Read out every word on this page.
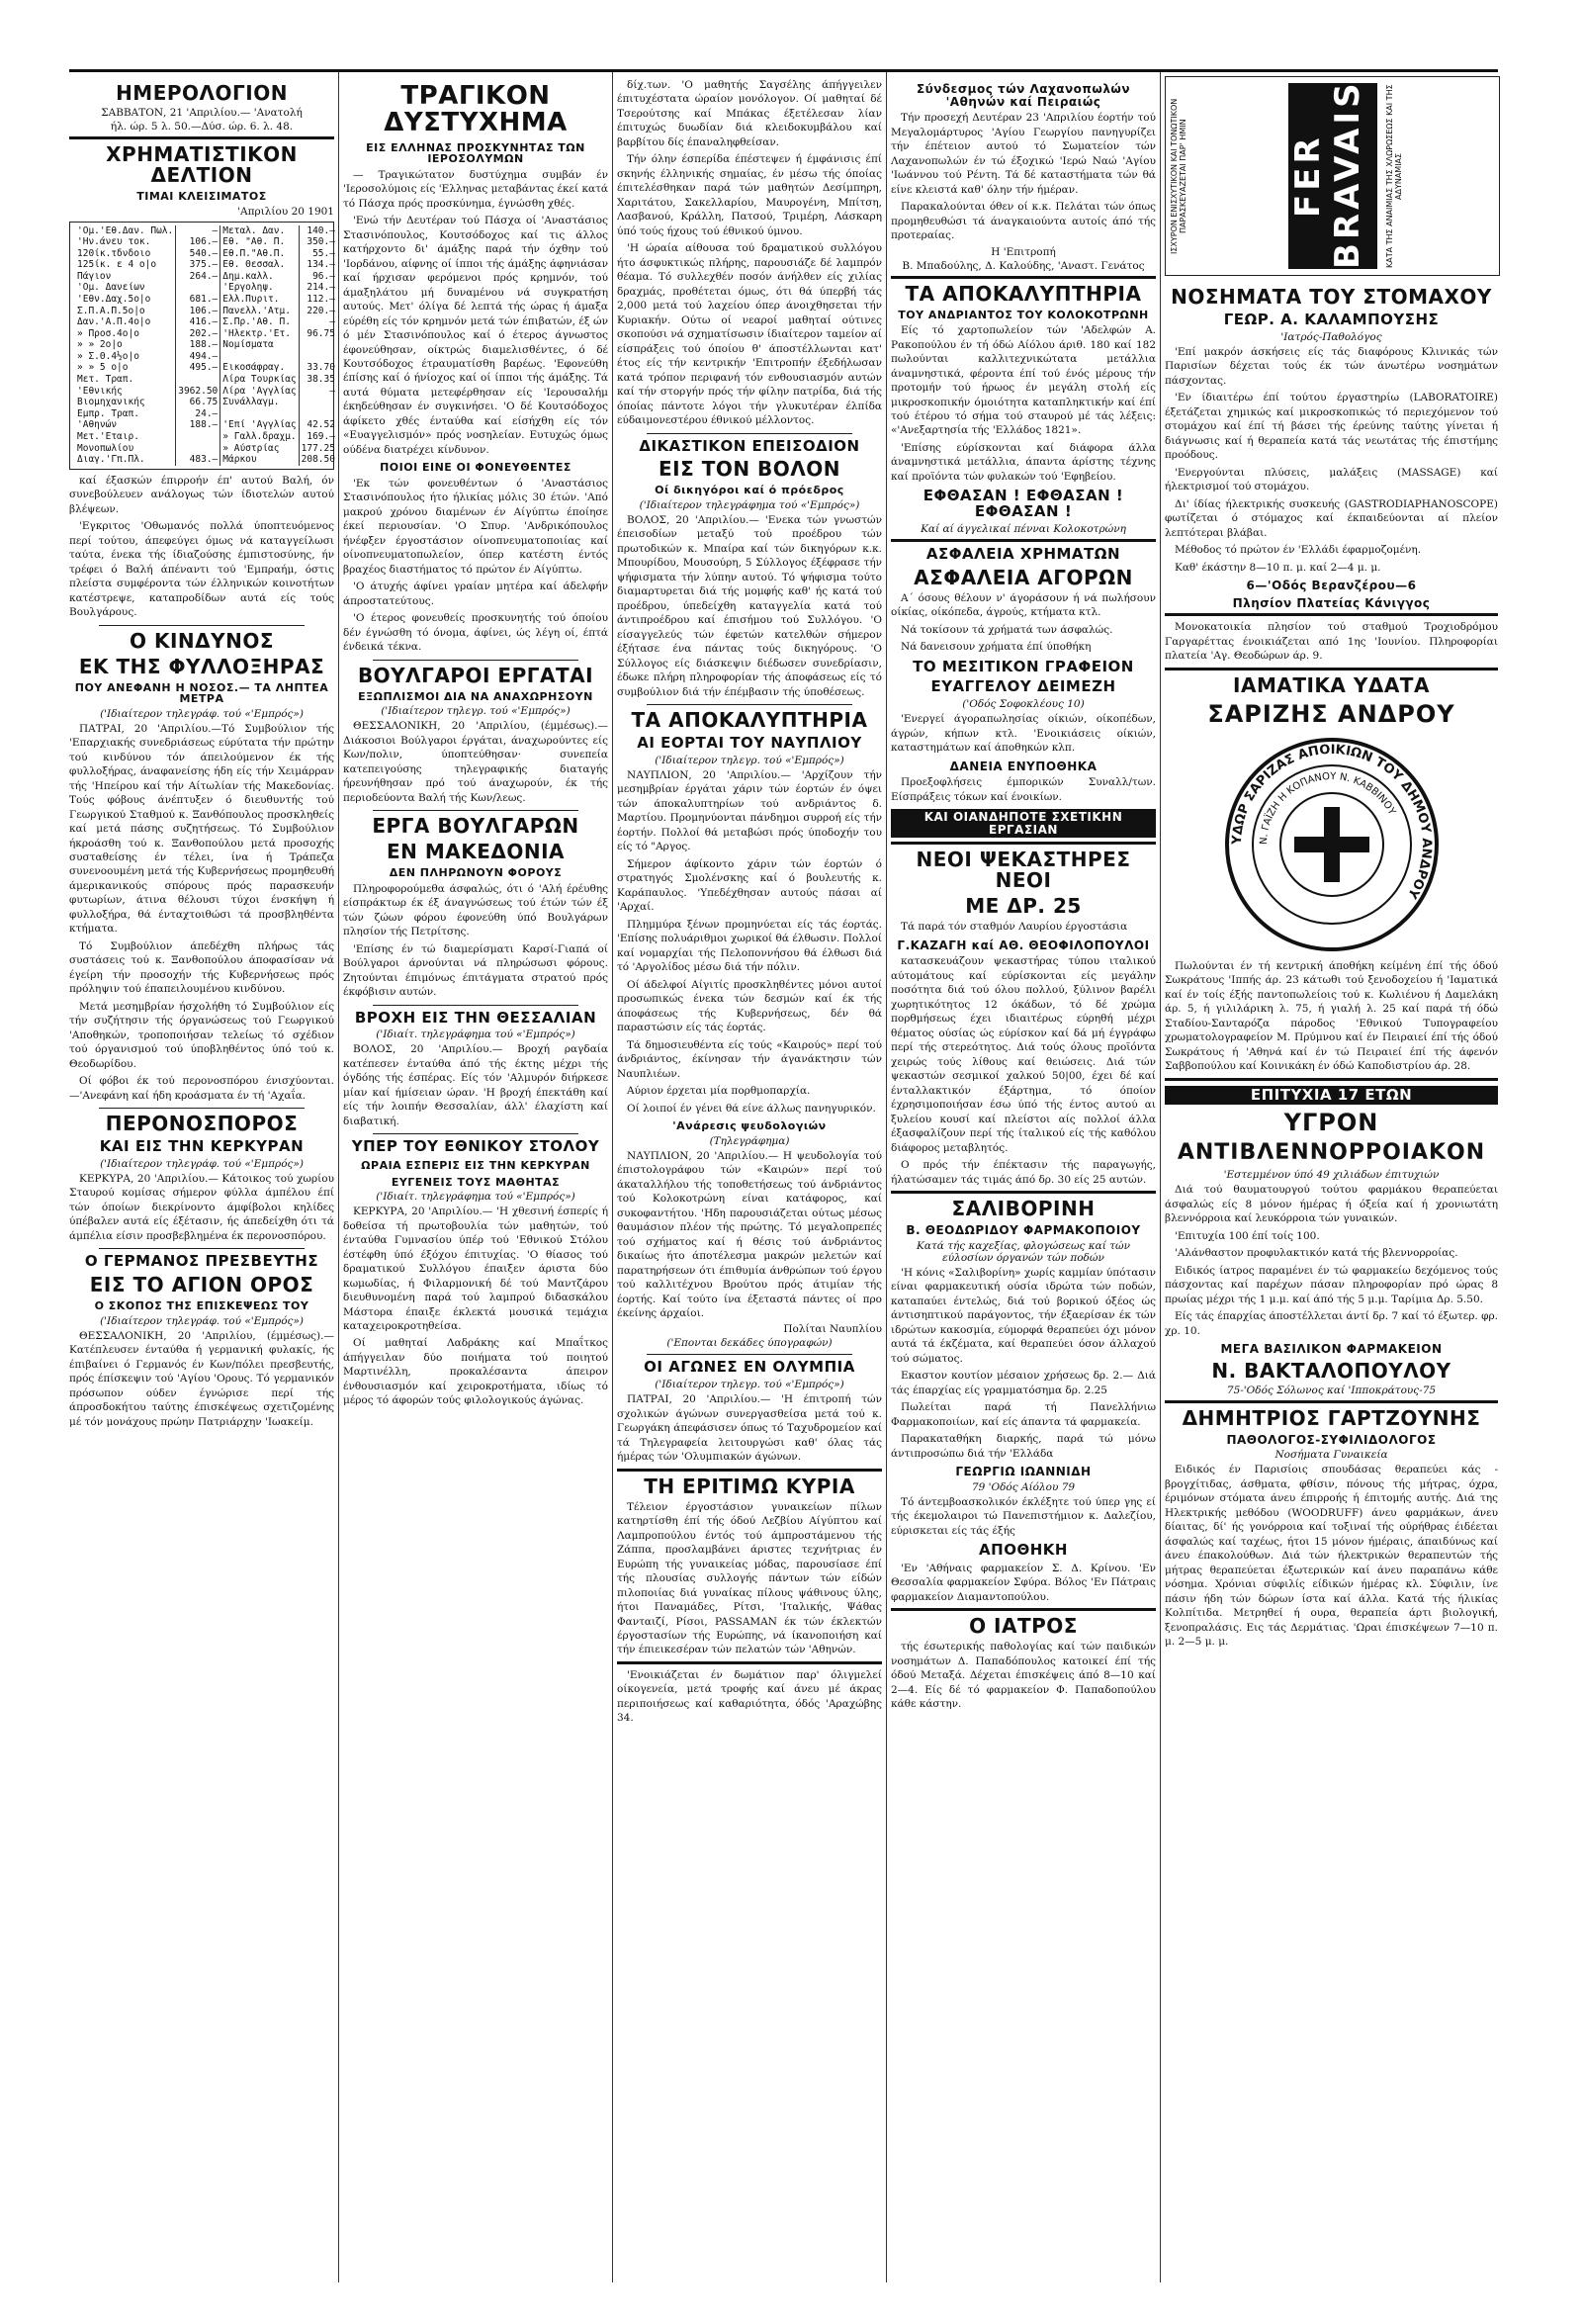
ΗΜΕΡΟΛΟΓΙΟΝ
ΣΑΒΒΑΤΟΝ, 21 'Απριλίου.— 'Ανατολή
ήλ. ώρ. 5 λ. 50.—Δύσ. ώρ. 6. λ. 48.
ΧΡΗΜΑΤΙΣΤΙΚΟΝ ΔΕΛΤΙΟΝ
ΤΙΜΑΙ ΚΛΕΙΣΙΜΑΤΟΣ
'Απριλίου 20 1901
'Ομ.'Εθ.Δαν. Πωλ.	—	Μεταλ. Δαν.	140.—
'Ην.άνευ τοκ.	106.—	Εθ. "Αθ. Π.	350.—
120ίκ.τδνδοιο	540.—	Εθ.Π."Αθ.Π.	55.—
125ίκ. ε 4 ο|ο	375.—	Εθ. Θεσσαλ.	134.—
Πάγιον	264.—	Δημ.καλλ.	96.—
'Ομ. Δανείων		'Εργοληψ.	214.—
'Εθν.Δαχ.5ο|ο	681.—	Ελλ.Πυριτ.	112.—
Σ.Π.Α.Π.5ο|ο	106.—	Πανελλ.'Ατμ.	220.—
Δαν.'Α.Π.4ο|ο	416.—	Σ.Πρ.'Αθ. Π.	—
» Προσ.4ο|ο	202.—	'Ηλεκτρ.'Ετ.	96.75
» » 2ο|ο	188.—	Νομίσματα	
» Σ.Θ.4½ο|ο	494.—		
» » 5 ο|ο	495.—	Εικοσάφραγ.	33.70
Μετ. Τραπ.		Λίρα Τουρκίας	38.35
'Εθνικής	3962.50	Λίρα 'Αγγλίας	—
Βιομηχανικής	66.75	Συνάλλαγμ.	
Εμπρ. Τραπ.	24.—		
'Αθηνών	188.—	'Επί 'Αγγλίας	42.52
Μετ.'Εταιρ.		» Γαλλ.δραχμ.	169.—
Μονοπωλίου		» Αύστρίας	177.25
Διαγ.'Γπ.Πλ.	483.—	Μάρκου	208.50
καί έξασκών έπιρροήν έπ' αυτού Βαλή, όν συνεβούλευεν ανάλογως τών ίδιοτελών αυτού βλέψεων.
'Εγκριτος 'Οθωμανός πολλά ύποπτευόμενος περί τούτου, άπεφεύγει όμως νά καταγγείλωσι ταύτα, ένεκα τής ίδιαζούσης έμπιστοσύνης, ήν τρέφει ό Βαλή άπέναντι τού 'Εμπραήμ, όστις πλείστα συμφέροντα τών έλληνικών κοινοτήτων κατέστρεψε, καταπροδίδων αυτά είς τούς Βουλγάρους.
Ο ΚΙΝΔΥΝΟΣ
ΕΚ ΤΗΣ ΦΥΛΛΟΞΗΡΑΣ
ΠΟΥ ΑΝΕΦΑΝΗ Η ΝΟΣΟΣ.— ΤΑ ΛΗΠΤΕΑ ΜΕΤΡΑ
('Ιδιαίτερον τηλεγράφ. τού «'Εμπρός»)
ΠΑΤΡΑΙ, 20 'Απριλίου.—Τό Συμβούλιον τής 'Επαρχιακής συνεδριάσεως εύρύτατα τήν πρώτην τού κινδύνου τόν άπειλούμενον έκ τής φυλλοξήρας, άναφανείσης ήδη είς τήν Χειμάρραν τής 'Ηπείρου καί τήν Αίτωλίαν τής Μακεδονίας. Τούς φόβους άνέπτυξεν ό διευθυντής τού Γεωργικού Σταθμού κ. Ξανθόπουλος προσκληθείς καί μετά πάσης συζητήσεως. Τό Συμβούλιον ήκροάσθη τού κ. Ξανθοπούλου μετά προσοχής συσταθείσης έν τέλει, ίνα ή Τράπεζα συνενοουμένη μετά τής Κυβερνήσεως προμηθευθή άμερικανικούς σπόρους πρός παρασκευήν φυτωρίων, άτινα θέλουσι τύχοι ένσκήψη ή φυλλοξήρα, θά ένταχτοιθώσι τά προσβληθέντα κτήματα.
Τό Συμβούλιον άπεδέχθη πλήρως τάς συστάσεις τού κ. Ξανθοπούλου άποφασίσαν νά έγείρη τήν προσοχήν τής Κυβερνήσεως πρός πρόληψιν τού έπαπειλουμένου κινδύνου.
Μετά μεσημβρίαν ήσχολήθη τό Συμβούλιον είς τήν συζήτησιν τής όργανώσεως τού Γεωργικού 'Αποθηκών, τροποποιήσαν τελείως τό σχέδιον τού όργανισμού τού ύποβληθέντος ύπό τού κ. Θεοδωρίδου.
Οί φόβοι έκ τού περονοσπόρου ένισχύονται.—'Ανεφάνη καί ήδη κροάσματα έν τή 'Αχαΐα.
ΠΕΡΟΝΟΣΠΟΡΟΣ
ΚΑΙ ΕΙΣ ΤΗΝ ΚΕΡΚΥΡΑΝ
('Ιδιαίτερον τηλεγράφ. τού «'Εμπρός»)
ΚΕΡΚΥΡΑ, 20 'Απριλίου.— Κάτοικος τού χωρίου Σταυρού κομίσας σήμερον φύλλα άμπέλου έπί τών όποίων διεκρίνοντο άμφίβολοι κηλίδες ύπέβαλεν αυτά είς έξέτασιν, ής άπεδείχθη ότι τά άμπέλια είσιν προσβεβλημένα έκ περονοσπόρου.
Ο ΓΕΡΜΑΝΟΣ ΠΡΕΣΒΕΥΤΗΣ
ΕΙΣ ΤΟ ΑΓΙΟΝ ΟΡΟΣ
Ο ΣΚΟΠΟΣ ΤΗΣ ΕΠΙΣΚΕΨΕΩΣ ΤΟΥ
('Ιδιαίτερον τηλεγράφ. τού «'Εμπρός»)
ΘΕΣΣΑΛΟΝΙΚΗ, 20 'Απριλίου, (έμμέσως).— Κατέπλευσεν ένταύθα ή γερμανική φυλακίς, ής έπιβαίνει ό Γερμανός έν Κων/πόλει πρεσβευτής, πρός έπίσκεψιν τού 'Αγίου 'Ορους. Τό γερμανικόν πρόσωπον ούδεν έγνώρισε περί τής άπροσδοκήτου ταύτης έπισκέψεως σχετιζομένης μέ τόν μονάχους πρώην Πατριάρχην 'Ιωακείμ.
ΤΡΑΓΙΚΟΝ ΔΥΣΤΥΧΗΜΑ
ΕΙΣ ΕΛΛΗΝΑΣ ΠΡΟΣΚΥΝΗΤΑΣ ΤΩΝ ΙΕΡΟΣΟΛΥΜΩΝ
— Τραγικώτατον δυστύχημα συμβάν έν 'Ιεροσολύμοις είς 'Ελληνας μεταβάντας έκεί κατά τό Πάσχα πρός προσκύνημα, έγνώσθη χθές.
'Ενώ τήν Δευτέραν τού Πάσχα οί 'Αναστάσιος Στασινόπουλος, Κουτσόδοχος καί τις άλλος κατήρχοντο δι' άμάξης παρά τήν όχθην τού 'Ιορδάνου, αίφνης οί ίπποι τής άμάξης άφηνιάσαν καί ήρχισαν φερόμενοι πρός κρημνόν, τού άμαξηλάτου μή δυναμένου νά συγκρατήση αυτούς. Μετ' όλίγα δέ λεπτά τής ώρας ή άμαξα εύρέθη είς τόν κρημνόν μετά τών έπιβατών, έξ ών ό μέν Στασινόπουλος καί ό έτερος άγνωστος έφονεύθησαν, οίκτρώς διαμελισθέντες, ό δέ Κουτσόδοχος έτραυματίσθη βαρέως. 'Εφονεύθη έπίσης καί ό ήνίοχος καί οί ίπποι τής άμάξης. Τά αυτά θύματα μετεφέρθησαν είς 'Ιερουσαλήμ έκηδεύθησαν έν συγκινήσει. 'Ο δέ Κουτσόδοχος άφίκετο χθές ένταύθα καί είσήχθη είς τόν «Ευαγγελισμόν» πρός νοσηλείαν. Ευτυχώς όμως ούδένα διατρέχει κίνδυνον.
ΠΟΙΟΙ ΕΙΝΕ ΟΙ ΦΟΝΕΥΘΕΝΤΕΣ
'Εκ τών φονευθέντων ό 'Αναστάσιος Στασινόπουλος ήτο ήλικίας μόλις 30 έτών. 'Από μακρού χρόνου διαμένων έν Αίγύπτω έποίησε έκεί περιουσίαν. 'Ο Σπυρ. 'Ανδρικόπουλος ήνέφξεν έργοστάσιον οίνοπνευματοποιίας καί οίνοπνευματοπωλείον, όπερ κατέστη έντός βραχέος διαστήματος τό πρώτον έν Αίγύπτω.
'Ο άτυχής άφίνει γραίαν μητέρα καί άδελφήν άπροστατεύτους.
'Ο έτερος φονευθείς προσκυνητής τού όποίου δέν έγνώσθη τό όνομα, άφίνει, ώς λέγη οί, έπτά ένδεικά τέκνα.
ΒΟΥΛΓΑΡΟΙ ΕΡΓΑΤΑΙ
ΕΞΩΠΛΙΣΜΟΙ ΔΙΑ ΝΑ ΑΝΑΧΩΡΗΣΟΥΝ
('Ιδιαίτερον τηλεγρ. τού «'Εμπρός»)
ΘΕΣΣΑΛΟΝΙΚΗ, 20 'Απριλίου, (έμμέσως).— Διάκοσιοι Βούλγαροι έργάται, άναχωρούντες είς Κων/πολιν, ύποπτεύθησαν· συνεπεία κατεπειγούσης τηλεγραφικής διαταγής ήρευνήθησαν πρό τού άναχωρούν, έκ τής περιοδεύοντα Βαλή τής Κων/λεως.
ΕΡΓΑ ΒΟΥΛΓΑΡΩΝ
ΕΝ ΜΑΚΕΔΟΝΙΑ
ΔΕΝ ΠΛΗΡΩΝΟΥΝ ΦΟΡΟΥΣ
Πληροφορούμεθα άσφαλώς, ότι ό 'Αλή έρέυθης είσπράκτωρ έκ έξ άναγνώσεως τού έτών τών έξ τών ζώων φόρου έφονεύθη ύπό Βουλγάρων πλησίον τής Πετρίτσης.
'Επίσης έν τώ διαμερίσματι Καρσί-Γιαπά οί Βούλγαροι άρνούνται νά πληρώσωσι φόρους. Ζητούνται έπιμόνως έπιτάγματα στρατού πρός έκφόβισιν αυτών.
ΒΡΟΧΗ ΕΙΣ ΤΗΝ ΘΕΣΣΑΛΙΑΝ
('Ιδιαίτ. τηλεγράφημα τού «'Εμπρός»)
ΒΟΛΟΣ, 20 'Απριλίου.— Βροχή ραγδαία κατέπεσεν ένταύθα άπό τής έκτης μέχρι τής όγδόης τής έσπέρας. Είς τόν 'Αλμυρόν διήρκεσε μίαν καί ήμίσειαν ώραν. 'Η βροχή έπεκτάθη καί είς τήν λοιπήν Θεσσαλίαν, άλλ' έλαχίστη καί διαβατική.
ΥΠΕΡ ΤΟΥ ΕΘΝΙΚΟΥ ΣΤΟΛΟΥ
ΩΡΑΙΑ ΕΣΠΕΡΙΣ ΕΙΣ ΤΗΝ ΚΕΡΚΥΡΑΝ
ΕΥΓΕΝΕΙΣ ΤΟΥΣ ΜΑΘΗΤΑΣ
('Ιδιαίτ. τηλεγράφημα τού «'Εμπρός»)
ΚΕΡΚΥΡΑ, 20 'Απριλίου.— 'Η χθεσινή έσπερίς ή δοθείσα τή πρωτοβουλία τών μαθητών, τού ένταύθα Γυμνασίου ύπέρ τού 'Εθνικού Στόλου έστέφθη ύπό έξόχου έπιτυχίας. 'Ο θίασος τού δραματικού Συλλόγου έπαιξεν άριστα δύο κωμωδίας, ή Φιλαρμονική δέ τού Μαντζάρου διευθυνομένη παρά τού λαμπρού διδασκάλου Μάστορα έπαιξε έκλεκτά μουσικά τεμάχια καταχειροκροτηθείσα.
Οί μαθηταί Λαδράκης καί Μπαΐτκος άπήγγειλαν δύο ποιήματα τού ποιητού Μαρτινέλλη, προκαλέσαντα άπειρον ένθουσιασμόν καί χειροκροτήματα, ιδίως τό μέρος τό άφορών τούς φιλολογικούς άγώνας.
δίχ.των. 'Ο μαθητής Σαγσέλης άπήγγειλεν έπιτυχέστατα ώραίον μονόλογον. Οί μαθηταί δέ Τσερούτσης καί Μπάκας έξετέλεσαν λίαν έπιτυχώς δυωδίαν διά κλειδοκυμβάλου καί βαρβίτου δίς έπαναληφθείσαν.
Τήν όλην έσπερίδα έπέστεψεν ή έμφάνισις έπί σκηνής έλληνικής σημαίας, έν μέσω τής όποίας έπιτελέσθηκαν παρά τών μαθητών Δεσίμπηρη, Χαριτάτου, Σακελλαρίου, Μαυρογένη, Μπίτση, Λασβανού, Κράλλη, Πατσού, Τριμέρη, Λάσκαρη ύπό τούς ήχους τού έθνικού ύμνου.
'Η ώραία αίθουσα τού δραματικού συλλόγου ήτο άσφυκτικώς πλήρης, παρουσιάζε δέ λαμπρόν θέαμα. Τό συλλεχθέν ποσόν άνήλθεν είς χιλίας δραχμάς, προθέτεται όμως, ότι θά ύπερβή τάς 2,000 μετά τού λαχείου όπερ άνοιχθησεται τήν Κυριακήν. Ούτω οί νεαροί μαθηταί ούτινες σκοπούσι νά σχηματίσωσιν ίδιαίτερον ταμείον αί είσπράξεις τού όποίου θ' άποστέλλωνται κατ' έτος είς τήν κεντρικήν 'Επιτροπήν έξεδήλωσαν κατά τρόπον περιφανή τόν ενθουσιασμόν αυτών καί τήν στοργήν πρός τήν φίλην πατρίδα, διά τής όποίας πάντοτε λόγοι τήν γλυκυτέραν έλπίδα εύδαιμονεστέρου έθνικού μέλλοντος.
ΔΙΚΑΣΤΙΚΟΝ ΕΠΕΙΣΟΔΙΟΝ
ΕΙΣ ΤΟΝ ΒΟΛΟΝ
Οί δικηγόροι καί ό πρόεδρος
('Ιδιαίτερον τηλεγράφημα τού «'Εμπρός»)
ΒΟΛΟΣ, 20 'Απριλίου.— 'Ενεκα τών γνωστών έπεισοδίων μεταξύ τού προέδρου τών πρωτοδικών κ. Μπαίρα καί τών δικηγόρων κ.κ. Μπουρίδου, Μουσούρη, 5 Σύλλογος έξέφρασε τήν ψήφισματα τήν λύπην αυτού. Τό ψήφισμα τούτο διαμαρτυρεται διά τής μομφής καθ' ής κατά τού προέδρου, ύπεδείχθη καταγγελία κατά τού άντιπροέδρου καί έπισήμου τού Συλλόγου. 'Ο είσαγγελεύς τών έφετών κατελθών σήμερον έξήτασε ένα πάντας τούς δικηγόρους. 'Ο Σύλλογος είς διάσκεψιν διέδωσεν συνεδρίασιν, έδωκε πλήρη πληροφορίαν τής άποφάσεως είς τό συμβούλιον διά τήν έπέμβασιν τής ύποθέσεως.
ΤΑ ΑΠΟΚΑΛΥΠΤΗΡΙΑ
ΑΙ ΕΟΡΤΑΙ ΤΟΥ ΝΑΥΠΛΙΟΥ
('Ιδιαίτερον τηλεγρ. τού «'Εμπρός»)
ΝΑΥΠΛΙΟΝ, 20 'Απριλίου.— 'Αρχίζουν τήν μεσημβρίαν έργάται χάριν τών έορτών έν όψει τών άποκαλυπτηρίων τού ανδριάντος δ. Μαρτίου. Προμηνύονται πάνδημοι συρροή είς τήν έορτήν. Πολλοί θά μεταβώσι πρός ύποδοχήν του είς τό "Αργος.
Σήμερον άφίκοντο χάριν τών έορτών ό στρατηγός Σμολένσκης καί ό βουλευτής κ. Καράπαυλος. 'Υπεδέχθησαν αυτούς πάσαι αί 'Αρχαί.
Πλημμύρα ξένων προμηνύεται είς τάς έορτάς. 'Επίσης πολυάριθμοι χωρικοί θά έλθωσιν. Πολλοί καί νομαρχίαι τής Πελοποννήσου θά έλθωσι διά τό 'Αργολίδος μέσω διά τήν πόλιν.
Οί άδελφοί Αίγιτίς προσκληθέντες μόνοι αυτοί προσωπικώς ένεκα τών δεσμών καί έκ τής άποφάσεως τής Κυβερνήσεως, δέν θά παραστώσιν είς τάς έορτάς.
Τά δημοσιευθέντα είς τούς «Καιρούς» περί τού άνδριάντος, έκίνησαν τήν άγανάκτησιν τών Ναυπλιέων.
Αύριον έρχεται μία πορθμοπαρχία.
Οί λοιποί έν γένει θά είνε άλλως πανηγυρικόν.
'Ανάρεσις ψευδολογιών
(Τηλεγράφημα)
ΝΑΥΠΛΙΟΝ, 20 'Απριλίου.— Η ψευδολογία τού έπιστολογράφου τών «Καιρών» περί τού άκαταλλήλου τής τοποθετήσεως τού άνδριάντος τού Κολοκοτρώνη είναι κατάφορος, καί συκοφαντήτου. 'Ηδη παρουσιάζεται ούτως μέσως θαυμάσιον πλέον τής πρώτης. Τό μεγαλοπρεπές τού σχήματος καί ή θέσις τού άνδριάντος δικαίως ήτο άποτέλεσμα μακρών μελετών καί παρατηρήσεων ότι έπιθυμία άνθρώπων τού έργου τού καλλιτέχνου Βρούτου πρός άτιμίαν τής έορτής. Καί τούτο ίνα έξεταστά πάντες οί προ έκείνης άρχαίοι.
Πολίται Ναυπλίου
('Επονται δεκάδες ύπογραφών)
ΟΙ ΑΓΩΝΕΣ ΕΝ ΟΛΥΜΠΙΑ
('Ιδιαίτερον τηλεγρ. τού «'Εμπρός»)
ΠΑΤΡΑΙ, 20 'Απριλίου.— 'Η έπιτροπή τών σχολικών άγώνων συνεργασθείσα μετά τού κ. Γεωργάκη άπεφάσισεν όπως τό Ταχυδρομείον καί τά Τηλεγραφεία λειτουργώσι καθ' όλας τάς ήμέρας τών 'Ολυμπιακών άγώνων.
ΤΗ ΕΡΙΤΙΜΩ ΚΥΡΙΑ
Τέλειον έργοστάσιον γυναικείων πίλων κατηρτίσθη έπί τής όδού Λεζβίου Αίγύπτου καί Λαμπροπούλου έντός τού άμπροστάμενου τής Ζάππα, προσλαμβάνει άριστες τεχνήτριας έν Ευρώπη τής γυναικείας μόδας, παρουσίασε έπί τής πλουσίας συλλογής πάντων τών είδών πιλοποιίας διά γυναίκας πίλους ψάθινους ύλης, ήτοι Παναμάδες, Ρίτσι, 'Ιταλικής, Ψάθας Φανταιζί, Ρίσοι, PASSAMAN έκ τών έκλεκτών έργοστασίων τής Ευρώπης, νά ίκανοποιήση καί τήν έπιεικεσέραν τών πελατών τών 'Αθηνών.
'Ενοικιάζεται έν δωμάτιον παρ' όλιγμελεί οίκογενεία, μετά τροφής καί άνευ μέ άκρας περιποιήσεως καί καθαριότητα, όδός 'Αραχώβης 34.
Σύνδεσμος τών Λαχανοπωλών 'Αθηνών καί Πειραιώς
Τήν προσεχή Δευτέραν 23 'Απριλίου έορτήν τού Μεγαλομάρτυρος 'Αγίου Γεωργίου πανηγυρίζει τήν έπέτειον αυτού τό Σωματείον τών Λαχανοπωλών έν τώ έξοχικώ 'Ιερώ Ναώ 'Αγίου 'Ιωάννου τού Ρέντη. Τά δέ καταστήματα τών θά είνε κλειστά καθ' όλην τήν ήμέραν.
Παρακαλούνται όθεν οί κ.κ. Πελάται τών όπως προμηθευθώσι τά άναγκαιούντα αυτοίς άπό τής προτεραίας.
Η 'Επιτροπή
Β. Μπαδούλης, Δ. Καλούδης, 'Αναστ. Γενάτος
ΤΑ ΑΠΟΚΑΛΥΠΤΗΡΙΑ
ΤΟΥ ΑΝΔΡΙΑΝΤΟΣ ΤΟΥ ΚΟΛΟΚΟΤΡΩΝΗ
Είς τό χαρτοπωλείον τών 'Αδελφών Α. Ρακοπούλου έν τή όδώ Αίόλου άριθ. 180 καί 182 πωλούνται καλλιτεχνικώτατα μετάλλια άναμνηστικά, φέροντα έπί τού ένός μέρους τήν προτομήν τού ήρωος έν μεγάλη στολή είς μικροσκοπικήν όμοιότητα καταπληκτικήν καί έπί τού έτέρου τό σήμα τού σταυρού μέ τάς λέξεις: «'Ανεξαρτησία τής 'Ελλάδος 1821».
'Επίσης εύρίσκονται καί διάφορα άλλα άναμνηστικά μετάλλια, άπαντα άρίστης τέχνης καί προϊόντα τών φυλακών τού 'Εφηβείου.
ΕΦΘΑΣΑΝ ! ΕΦΘΑΣΑΝ ! ΕΦΘΑΣΑΝ !
Καί αί άγγελικαί πένναι Κολοκοτρώνη
ΑΣΦΑΛΕΙΑ ΧΡΗΜΑΤΩΝ
ΑΣΦΑΛΕΙΑ ΑΓΟΡΩΝ
Α΄ όσους θέλουν ν' άγοράσουν ή νά πωλήσουν οίκίας, οίκόπεδα, άγρούς, κτήματα κτλ.
Νά τοκίσουν τά χρήματά των άσφαλώς.
Νά δανεισουν χρήματα έπί ύποθήκη
ΤΟ ΜΕΣΙΤΙΚΟΝ ΓΡΑΦΕΙΟΝ
ΕΥΑΓΓΕΛΟΥ ΔΕΙΜΕΖΗ
('Οδός Σοφοκλέους 10)
'Ενεργεί άγοραπωλησίας οίκιών, οίκοπέδων, άγρών, κήπων κτλ. 'Ενοικιάσεις οίκιών, καταστημάτων καί άποθηκών κλπ.
ΔΑΝΕΙΑ ΕΝΥΠΟΘΗΚΑ
Προεξοφλήσεις έμπορικών Συναλλ/των. Είσπράξεις τόκων καί ένοικίων.
ΚΑΙ ΟΙΑΝΔΗΠΟΤΕ ΣΧΕΤΙΚΗΝ ΕΡΓΑΣΙΑΝ
ΝΕΟΙ ΨΕΚΑΣΤΗΡΕΣ ΝΕΟΙ
ΜΕ ΔΡ. 25
Τά παρά τόν σταθμόν Λαυρίου έργοστάσια
Γ.ΚΑΖΑΓΗ καί ΑΘ. ΘΕΟΦΙΛΟΠΟΥΛΟΙ
κατασκευάζουν ψεκαστήρας τύπου ιταλικού αύτομάτους καί εύρίσκονται είς μεγάλην ποσότητα διά τού όλου πολλού, ξύλινον βαρέλι χωρητικότητος 12 όκάδων, τό δέ χρώμα πορθμήσεως έχει ιδιαιτέρως εύρηθή μέχρι θέματος ούσίας ώς εύρίσκον καί δά μή έγγράφω περί τής στερεότητος. Διά τούς όλους προϊόντα χειρώς τούς λίθους καί θειώσεις. Διά τών ψεκαστών σεσμικοί χαλκού 50|00, έχει δέ καί ένταλλακτικόν έξάρτημα, τό όποίον έχρησιμοποιήσαν έσω ύπό τής έντος αυτού αι ξυλείου κουσί καί πλείστοι αίς πολλοί άλλα έξασφαλίζουν περί τής ίταλικού είς τής καθόλου διάφορος μεταβλητός.
Ο πρός τήν έπέκτασιν τής παραγωγής, ήλατώσαμεν τάς τιμάς άπό δρ. 30 είς 25 αυτών.
ΣΑΛΙΒΟΡΙΝΗ
Β. ΘΕΟΔΩΡΙΔΟΥ ΦΑΡΜΑΚΟΠΟΙΟΥ
Κατά τής καχεξίας, φλογώσεως καί τών εύλοσίων όργανών τών ποδών
'Η κόνις «Σαλιβορίνη» χωρίς καμμίαν ύπότασιν είναι φαρμακευτική ούσία ιδρώτα τών ποδών, καταπαύει έντελώς, διά τού βορικού όξέος ώς άντισηπτικού παράγοντος, τήν έξαερίσαν έκ τών ιδρώτων κακοσμία, εύμορφά θεραπεύει όχι μόνον αυτά τά έκζέματα, καί θεραπεύει όσον άλλαχού τού σώματος.
Εκαστον κουτίον μέσαιον χρήσεως δρ. 2.— Διά τάς έπαρχίας είς γραμματόσημα δρ. 2.25
Πωλείται παρά τή Πανελλήνιω Φαρμακοποιίων, καί είς άπαντα τά φαρμακεία.
Παρακαταθήκη διαρκής, παρά τώ μόνω άντιπροσώπω διά τήν 'Ελλάδα
ΓΕΩΡΓΙΩ ΙΩΑΝΝΙΔΗ
79 'Οδός Αίόλου 79
Τό άντεμβοασκολικόν έκλέξητε τού ύπερ γης εί τής έκεμολαιροι τώ Πανεπιστήμιον κ. Δαλεζίου, εύρισκεται είς τάς έξής
ΑΠΟΘΗΚΗ
'Εν 'Αθήναις φαρμακείον Σ. Δ. Κρίνου. 'Εν Θεσσαλία φαρμακείον Σφύρα. Βόλος 'Εν Πάτραις φαρμακείον Διαμαντοπούλου.
Ο ΙΑΤΡΟΣ
τής έσωτερικής παθολογίας καί τών παιδικών νοσημάτων Δ. Παπαδόπουλος κατοικεί έπί τής όδού Μεταξά. Δέχεται έπισκέψεις άπό 8—10 καί 2—4. Είς δέ τό φαρμακείον Φ. Παπαδοπούλου κάθε κάστην.
ΙΣΧΥΡΟΝ ΕΝΙΣΧΥΤΙΚΟΝ ΚΑΙ ΤΟΝΩΤΙΚΟΝ ΠΑΡΑΣΚΕΥΑΖΕΤΑΙ ΠΑΡ' ΗΜΙΝ	FER BRAVAIS	ΚΑΤΑ ΤΗΣ ΑΝΑΙΜΙΑΣ ΤΗΣ ΧΛΩΡΩΣΕΩΣ ΚΑΙ ΤΗΣ ΑΔΥΝΑΜΙΑΣ
ΝΟΣΗΜΑΤΑ ΤΟΥ ΣΤΟΜΑΧΟΥ
ΓΕΩΡ. Α. ΚΑΛΑΜΠΟΥΣΗΣ
'Ιατρός-Παθολόγος
'Επί μακρόν άσκήσεις είς τάς διαφόρους Κλινικάς τών Παρισίων δέχεται τούς έκ τών άνωτέρω νοσημάτων πάσχοντας.
'Εν ίδιαιτέρω έπί τούτου έργαστηρίω (LABORATOIRE) έξετάζεται χημικώς καί μικροσκοπικώς τό περιεχόμενον τού στομάχου καί έπί τή βάσει τής έρεύνης ταύτης γίνεται ή διάγνωσις καί ή θεραπεία κατά τάς νεωτάτας τής έπιστήμης προόδους.
'Ενεργούνται πλύσεις, μαλάξεις (MASSAGE) καί ήλεκτρισμοί τού στομάχου.
Δι' ίδίας ήλεκτρικής συσκευής (GASTRODIAPHANOSCOPE) φωτίζεται ό στόμαχος καί έκπαιδεύονται αί πλείον λεπτότεραι βλάβαι.
Μέθοδος τό πρώτον έν 'Ελλάδι έφαρμοζομένη.
Καθ' έκάστην 8—10 π. μ. καί 2—4 μ. μ.
6—'Οδός Βερανζέρου—6
Πλησίον Πλατείας Κάνιγγος
Μονοκατοικία πλησίον τού σταθμού Τροχιοδρόμου Γαργαρέττας ένοικιάζεται από 1ης 'Ιουνίου. Πληροφορίαι πλατεία 'Αγ. Θεοδώρων άρ. 9.
ΙΑΜΑΤΙΚΑ ΥΔΑΤΑ
ΣΑΡΙΖΗΣ ΑΝΔΡΟΥ
ΥΔΩΡ ΣΑΡΙΖΑΣ ΑΠΟΙΚΙΩΝ ΤΟΥ ΔΗΜΟΥ ΑΝΔΡΟΥ
Ν. ΓΑΪΖΗ Η ΚΟΠΑΝΟΥ Ν. ΚΑΒΒΙΝΟΥ
Πωλούνται έν τή κεντρική άποθήκη κείμένη έπί τής όδού Σωκράτους 'Ιππής άρ. 23 κάτωθι τού ξενοδοχείου ή 'Ιαματικά καί έν τοίς έξής παντοπωλείοις τού κ. Κωλιένου ή Δαμελάκη άρ. 5, ή γιλιλάρικη λ. 75, ή γιαλή λ. 25 καί παρά τή όδώ Σταδίου-Σανταρόζα πάροδος 'Εθνικού Τυπογραφείου χρωματολογραφείον Μ. Πρύμνου καί έν Πειραιεί έπί τής όδού Σωκράτους ή 'Αθηνά καί έν τώ Πειραιεί έπί τής άφενόν Σαββοπούλου καί Κοινικάκη έν όδώ Καποδιστρίου άρ. 28.
ΕΠΙΤΥΧΙΑ 17 ΕΤΩΝ
ΥΓΡΟΝ
ΑΝΤΙΒΛΕΝΝΟΡΡΟΙΑΚΟΝ
'Εστεμμένον ύπό 49 χιλιάδων έπιτυχιών
Διά τού θαυματουργού τούτου φαρμάκου θεραπεύεται άσφαλώς είς 8 μόνον ήμέρας ή όξεία καί ή χρονιωτάτη βλεννόρροια καί λευκόρροια τών γυναικών.
'Επιτυχία 100 έπί τοίς 100.
'Αλάνθαστον προφυλακτικόν κατά τής βλεννορροίας.
Ειδικός ίατρος παραμένει έν τώ φαρμακείω δεχόμενος τούς πάσχοντας καί παρέχων πάσαν πληροφορίαν πρό ώρας 8 πρωίας μέχρι τής 1 μ.μ. καί άπό τής 5 μ.μ. Ταρίμια Δρ. 5.50.
Είς τάς έπαρχίας άποστέλλεται άντί δρ. 7 καί τό έξωτερ. φρ. χρ. 10.
ΜΕΓΑ ΒΑΣΙΛΙΚΟΝ ΦΑΡΜΑΚΕΙΟΝ
Ν. ΒΑΚΤΑΛΟΠΟΥΛΟΥ
75-'Οδός Σόλωνος καί 'Ιπποκράτους-75
ΔΗΜΗΤΡΙΟΣ ΓΑΡΤΖΟΥΝΗΣ
ΠΑΘΟΛΟΓΟΣ-ΣΥΦΙΛΙΔΟΛΟΓΟΣ
Νοσήματα Γυναικεία
Ειδικός έν Παρισίοις σπουδάσας θεραπεύει κάς - βρογχίτιδας, άσθματα, φθίσιν, πόνους τής μήτρας, όχρα, έριμόνων στόματα άνευ έπιρροής ή έπιτομής αυτής. Διά της Ηλεκτρικής μεθόδου (WOODRUFF) άνευ φαρμάκων, άνευ δίαιτας, δί' ής γονόρροια καί τοξιναί τής ούρήθρας έιδέεται άσφαλώς καί ταχέως, ήτοι 15 μόνον ήμέραις, άπαιδύνως καί άνευ έπακολούθων. Διά τών ήλεκτρικών θεραπευτών τής μήτρας θεραπεύεται έξωτερικών καί άνευ παραπάνω κάθε νόσημα. Χρόνιαι σύφιλίς είδικών ήμέρας κλ. Σύφιλιν, ίνε πάσιν ήδη τών δώρων ίστα καί άλλα. Κατά τής ήλικίας Κολπίτιδα. Μετρηθεί ή ουρα, θεραπεία άρτι βιολογική, ξενοπραλάσις. Εις τάς Δερμάτιας. 'Ωραι έπισκέψεων 7—10 π. μ. 2—5 μ. μ.
